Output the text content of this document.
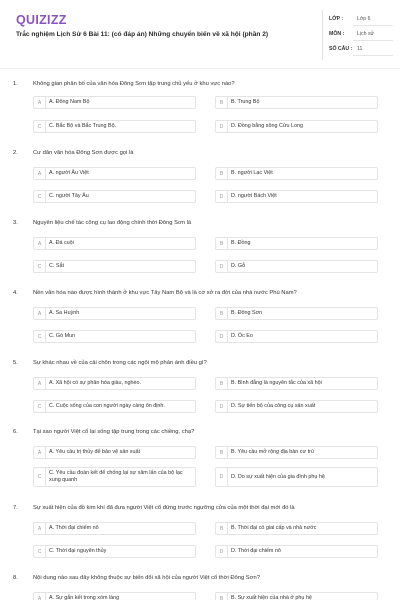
QUIZIZZ
Trắc nghiệm Lịch Sử 6 Bài 11: (có đáp án) Những chuyển biến về xã hội (phần 2)
LỚP :	Lớp 6
MÔN : Lịch sử
SỐ CÂU : 11
1.	Không gian phân bố của văn hóa Đông Sơn tập trung chủ yếu ở khu vực nào?
A	A. Đông Nam Bộ	B	B. Trung Bộ
C	C. Bắc Bộ và Bắc Trung Bộ.	D	D. Đồng bằng sông Cửu Long
2.	Cư dân văn hóa Đông Sơn được gọi là
A	A. người Âu Việt	B	B. người Lạc Việt
C	C. người Tây Âu	D	D. người Bách Việt
3.	Nguyên liệu chế tác công cụ lao động chính thời Đông Sơn là
A	A. Đá cuội	B	B. Đồng
C	C. Sắt	D	D. Gỗ
4.	Nền văn hóa nào được hình thành ở khu vực Tây Nam Bộ và là cơ sở ra đời của nhà nước Phù Nam?
A	A. Sa Huỳnh	B	B. Đông Sơn
C	C. Gò Mun	D	D. Óc Eo
5.	Sự khác nhau về của cải chôn trong các ngôi mộ phản ánh điều gì?
A	A. Xã hội có sự phân hóa giàu, nghèo.	B	B. Bình đẳng là nguyên tắc của xã hội
C	C. Cuộc sống của con người ngày càng ổn định.	D	D. Sự tiến bộ của công cụ sản xuất
6.	Tại sao người Việt cổ lại sống tập trung trong các chiềng, chạ?
A	A. Yêu cầu trị thủy để bảo vệ sản xuất	B	B. Yêu cầu mở rộng địa bàn cư trú
C
C. Yêu cầu đoàn kết để chống lại sự xâm lấn của bộ lạc xung quanh	D	D. Do sự xuất hiện của gia đình phụ hệ
7.	Sự xuất hiện của đồ kim khí đã đưa người Việt cổ đứng trước ngưỡng cửa của một thời đại mới đó là
A	A. Thời đại chiếm nô	B	B. Thời đại có giai cấp và nhà nước
C	C. Thời đại nguyên thủy	D	D. Thời đại chiếm nô
8.	Nội dung nào sau đây không thuộc sự biến đổi xã hội của người Việt cổ thời Đông Sơn?
A	A. Sự gắn kết trong xóm làng	B	B. Sự xuất hiện của nhà ở phụ hệ
